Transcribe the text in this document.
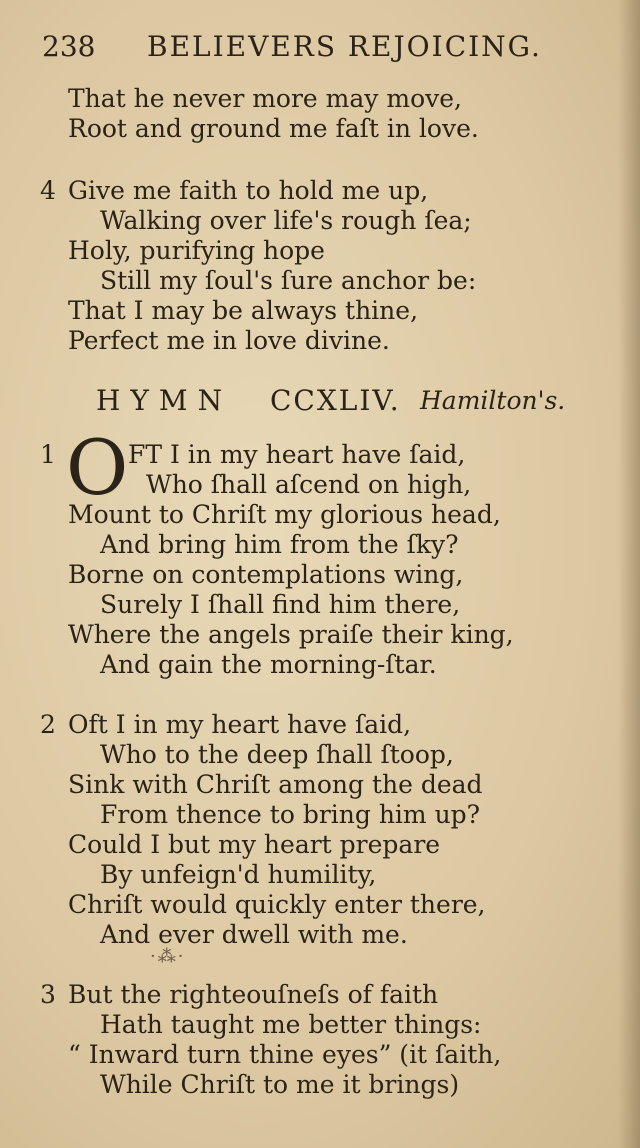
238 BELIEVERS REJOICING.
That he never more may move,
Root and ground me faſt in love.
4 Give me faith to hold me up,
Walking over life's rough ſea;
Holy, purifying hope
Still my ſoul's ſure anchor be:
That I may be always thine,
Perfect me in love divine.
HYMN CCXLIV. Hamilton's.
1 O FT I in my heart have ſaid,
Who ſhall aſcend on high,
Mount to Chriſt my glorious head,
And bring him from the ſky?
Borne on contemplations wing,
Surely I ſhall find him there,
Where the angels praiſe their king,
And gain the morning-ſtar.
2 Oft I in my heart have ſaid,
Who to the deep ſhall ſtoop,
Sink with Chriſt among the dead
From thence to bring him up?
Could I but my heart prepare
By unfeign'd humility,
Chriſt would quickly enter there,
And ever dwell with me.
·⁂·
3 But the righteouſneſs of faith
Hath taught me better things:
“ Inward turn thine eyes” (it ſaith,
While Chriſt to me it brings)
